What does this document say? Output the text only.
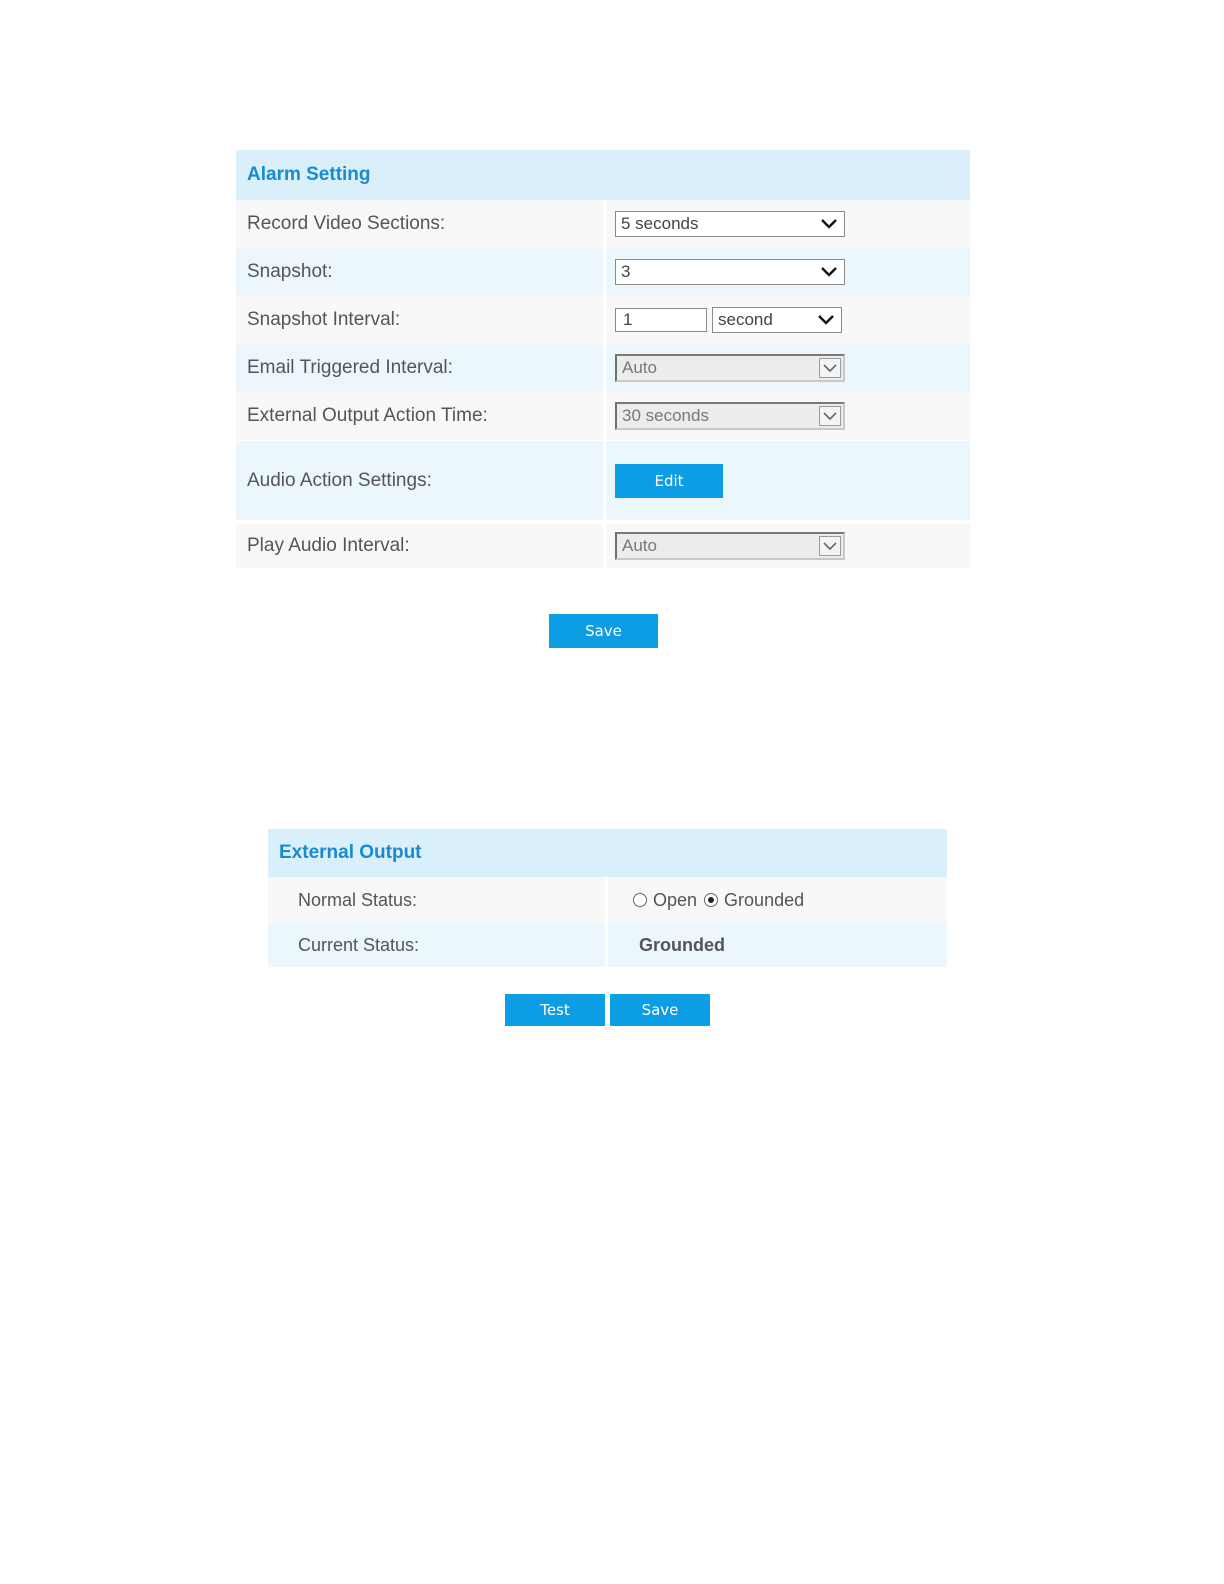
Alarm Setting
Record Video Sections:	5 seconds
Snapshot:	3
Snapshot Interval:	1	second
Email Triggered Interval:	Auto
External Output Action Time:	30 seconds
Audio Action Settings:	Edit
Play Audio Interval:	Auto
Save
External Output
Normal Status:	Open Grounded
Current Status:	Grounded
Test	Save
